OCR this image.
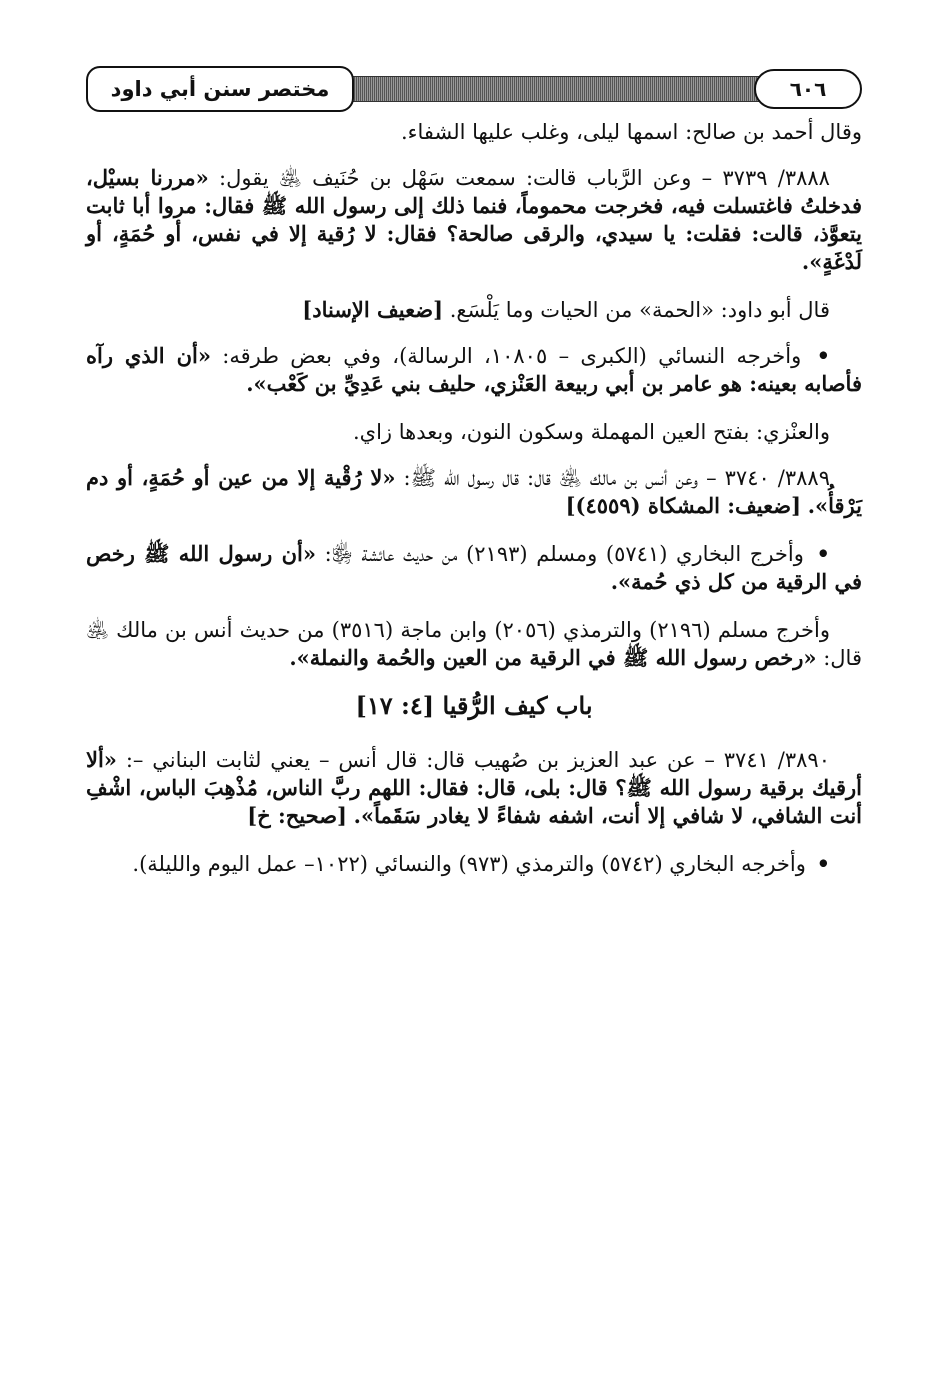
مختصر سنن أبي داود	٦٠٦

وقال أحمد بن صالح: اسمها ليلى، وغلب عليها الشفاء.

٣٨٨٨/ ٣٧٣٩ – وعن الرَّباب قالت: سمعت سَهْل بن حُنَيف ﵁ يقول: «مررنا بسيْل، فدخلتُ فاغتسلت فيه، فخرجت محموماً، فنما ذلك إلى رسول الله ﷺ فقال: مروا أبا ثابت يتعوَّذ، قالت: فقلت: يا سيدي، والرقى صالحة؟ فقال: لا رُقية إلا في نفس، أو حُمَةٍ، أو لَدْغَةٍ».

قال أبو داود: «الحمة» من الحيات وما يَلْسَع. [ضعيف الإسناد]

• وأخرجه النسائي (الكبرى – ١٠٨٠٥، الرسالة)، وفي بعض طرقه: «أن الذي رآه فأصابه بعينه: هو عامر بن أبي ربيعة العَنْزي، حليف بني عَدِيِّ بن كَعْب».

والعنْزي: بفتح العين المهملة وسكون النون، وبعدها زاي.

٣٨٨٩/ ٣٧٤٠ – وعن أنس بن مالك ﵁ قال: قال رسول الله ﷺ: «لا رُقْية إلا من عين أو حُمَةٍ، أو دم يَرْقأُ». [ضعيف: المشكاة (٤٥٥٩)]

• وأخرج البخاري (٥٧٤١) ومسلم (٢١٩٣) من حديث عائشة ﵂: «أن رسول الله ﷺ رخص في الرقية من كل ذي حُمة».

وأخرج مسلم (٢١٩٦) والترمذي (٢٠٥٦) وابن ماجة (٣٥١٦) من حديث أنس بن مالك ﵁ قال: «رخص رسول الله ﷺ في الرقية من العين والحُمة والنملة».

باب كيف الرُّقيا [٤: ١٧]

٣٨٩٠/ ٣٧٤١ – عن عبد العزيز بن صُهيب قال: قال أنس – يعني لثابت البناني –: «ألا أرقيك برقية رسول الله ﷺ؟ قال: بلى، قال: فقال: اللهم ربَّ الناس، مُذْهِبَ الباس، اشْفِ أنت الشافي، لا شافي إلا أنت، اشفه شفاءً لا يغادر سَقَماً». [صحيح: خ]

• وأخرجه البخاري (٥٧٤٢) والترمذي (٩٧٣) والنسائي (١٠٢٢– عمل اليوم والليلة).
